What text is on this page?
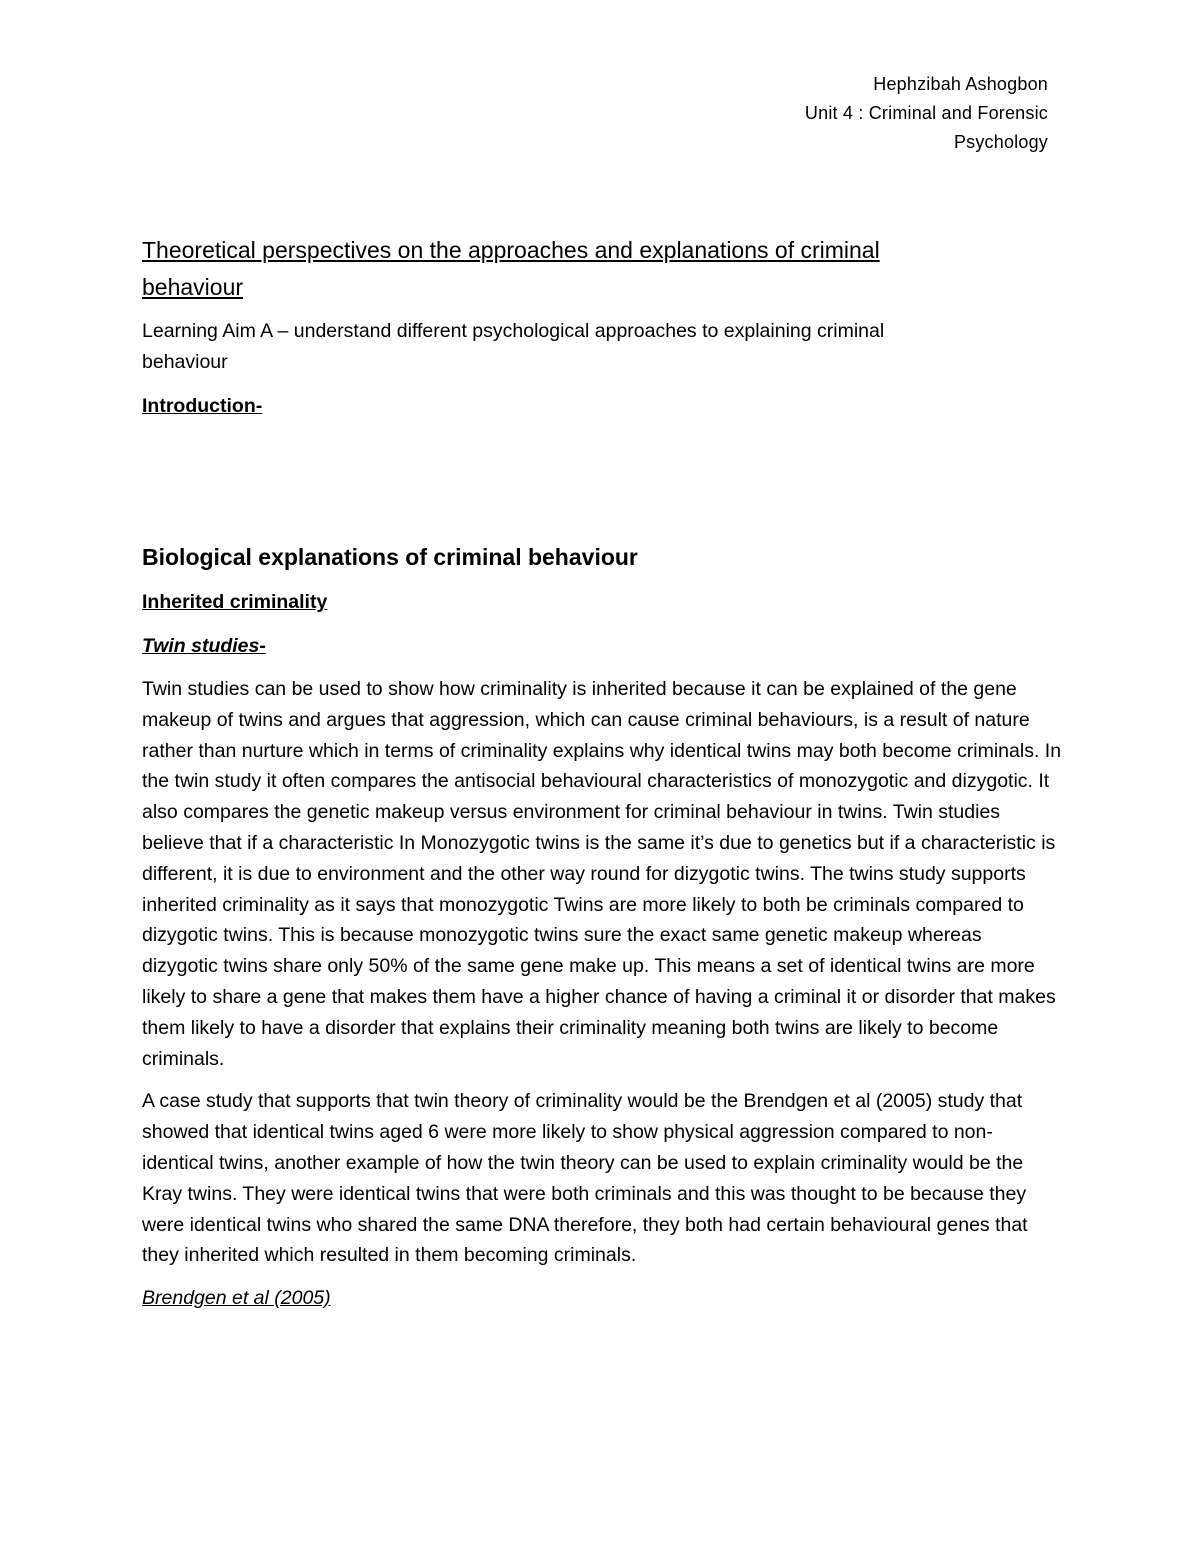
Hephzibah Ashogbon
Unit 4 : Criminal and Forensic
Psychology
Theoretical perspectives on the approaches and explanations of criminal behaviour

Learning Aim A – understand different psychological approaches to explaining criminal behaviour

Introduction-

Biological explanations of criminal behaviour

Inherited criminality

Twin studies-

Twin studies can be used to show how criminality is inherited because it can be explained of the gene makeup of twins and argues that aggression, which can cause criminal behaviours, is a result of nature rather than nurture which in terms of criminality explains why identical twins may both become criminals. In the twin study it often compares the antisocial behavioural characteristics of monozygotic and dizygotic. It also compares the genetic makeup versus environment for criminal behaviour in twins. Twin studies believe that if a characteristic In Monozygotic twins is the same it’s due to genetics but if a characteristic is different, it is due to environment and the other way round for dizygotic twins. The twins study supports inherited criminality as it says that monozygotic Twins are more likely to both be criminals compared to dizygotic twins. This is because monozygotic twins sure the exact same genetic makeup whereas dizygotic twins share only 50% of the same gene make up. This means a set of identical twins are more likely to share a gene that makes them have a higher chance of having a criminal it or disorder that makes them likely to have a disorder that explains their criminality meaning both twins are likely to become criminals.

A case study that supports that twin theory of criminality would be the Brendgen et al (2005) study that showed that identical twins aged 6 were more likely to show physical aggression compared to non-identical twins, another example of how the twin theory can be used to explain criminality would be the Kray twins. They were identical twins that were both criminals and this was thought to be because they were identical twins who shared the same DNA therefore, they both had certain behavioural genes that they inherited which resulted in them becoming criminals.

Brendgen et al (2005)
